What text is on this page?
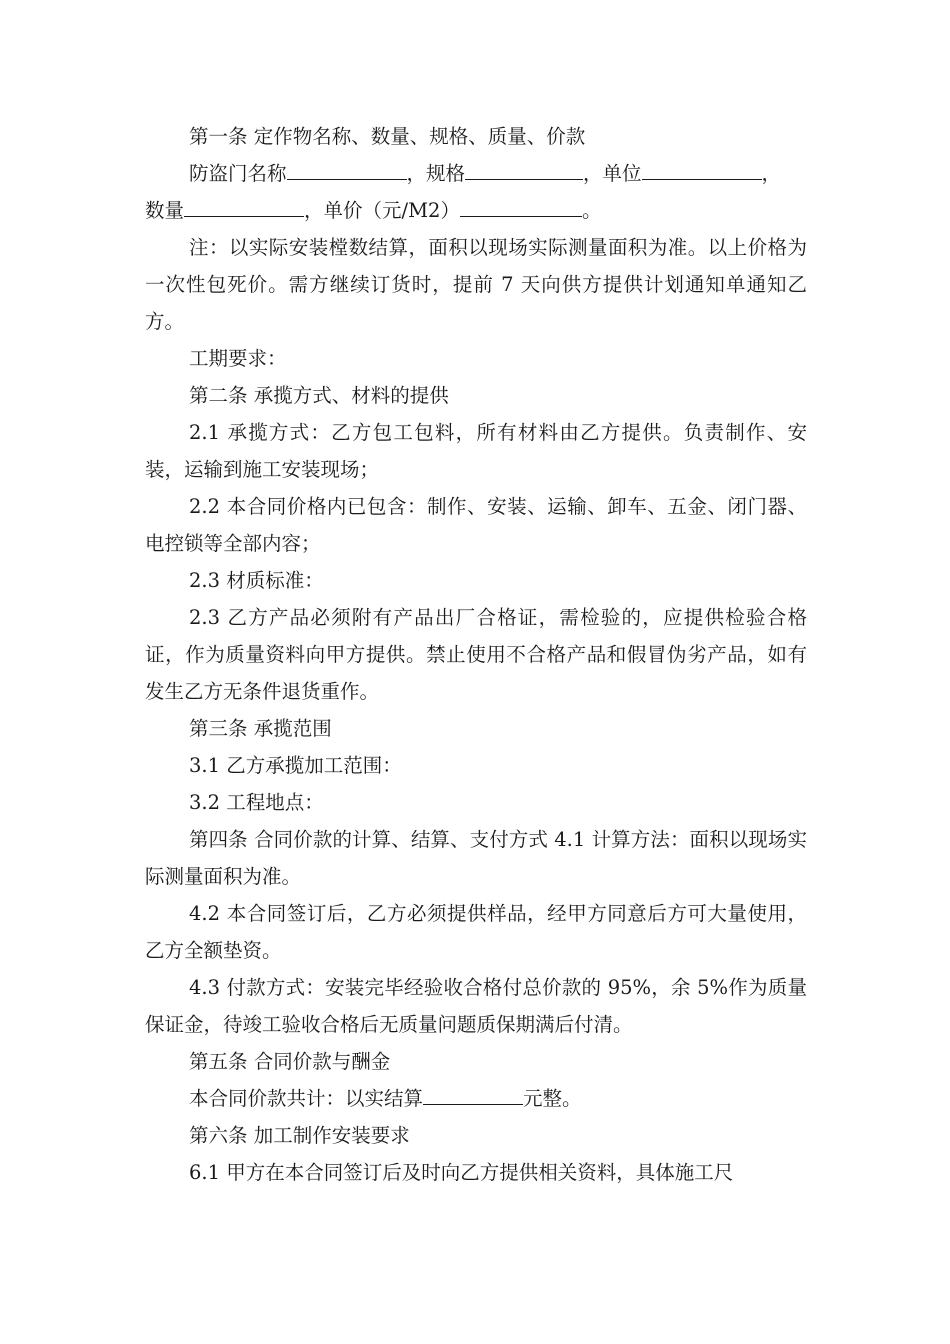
第一条 定作物名称、数量、规格、质量、价款

防盗门名称	，规格	，单位	，

数量	，单价（元/M2）	。

注：以实际安装樘数结算，面积以现场实际测量面积为准。以上价格为一次性包死价。需方继续订货时，提前 7 天向供方提供计划通知单通知乙方。

工期要求：

第二条 承揽方式、材料的提供

2.1 承揽方式：乙方包工包料，所有材料由乙方提供。负责制作、安装，运输到施工安装现场；

2.2 本合同价格内已包含：制作、安装、运输、卸车、五金、闭门器、电控锁等全部内容；

2.3 材质标准：

2.3 乙方产品必须附有产品出厂合格证，需检验的，应提供检验合格证，作为质量资料向甲方提供。禁止使用不合格产品和假冒伪劣产品，如有发生乙方无条件退货重作。

第三条 承揽范围

3.1 乙方承揽加工范围：

3.2 工程地点：

第四条 合同价款的计算、结算、支付方式 4.1 计算方法：面积以现场实际测量面积为准。

4.2 本合同签订后，乙方必须提供样品，经甲方同意后方可大量使用，乙方全额垫资。

4.3 付款方式：安装完毕经验收合格付总价款的 95%，余 5%作为质量保证金，待竣工验收合格后无质量问题质保期满后付清。

第五条 合同价款与酬金

本合同价款共计：以实结算	元整。

第六条 加工制作安装要求

6.1 甲方在本合同签订后及时向乙方提供相关资料，具体施工尺
